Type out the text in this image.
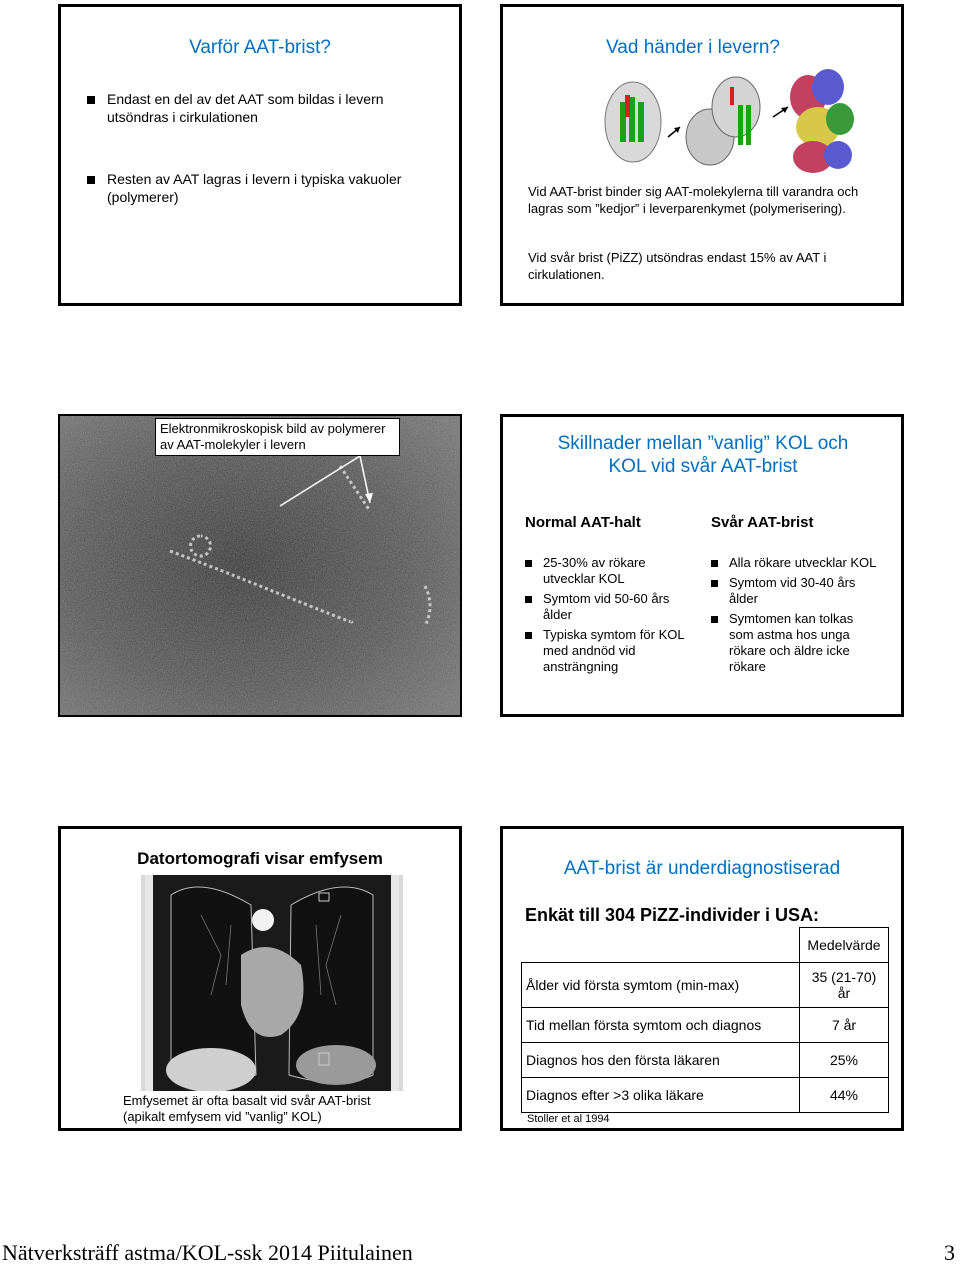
Varför AAT-brist?
Endast en del av det AAT som bildas i levern utsöndras i cirkulationen
Resten av AAT lagras i levern i typiska vakuoler (polymerer)
Vad händer i levern?
Vid AAT-brist binder sig AAT-molekylerna till varandra och lagras som ”kedjor” i leverparenkymet (polymerisering).
Vid svår brist (PiZZ) utsöndras endast 15% av AAT i cirkulationen.
Elektronmikroskopisk bild av polymerer av AAT-molekyler i levern	Skillnader mellan ”vanlig” KOL och KOL vid svår AAT-brist
Normal AAT-halt	Svår AAT-brist
25-30% av rökare utvecklar KOL
Symtom vid 50-60 års ålder
Typiska symtom för KOL med andnöd vid ansträngning
Alla rökare utvecklar KOL
Symtom vid 30-40 års ålder
Symtomen kan tolkas som astma hos unga rökare och äldre icke rökare
Datortomografi visar emfysem
Emfysemet är ofta basalt vid svår AAT-brist (apikalt emfysem vid ”vanlig” KOL)
AAT-brist är underdiagnostiserad
Enkät till 304 PiZZ-individer i USA:
	Medelvärde
Ålder vid första symtom (min-max)	35 (21-70) år
Tid mellan första symtom och diagnos	7 år
Diagnos hos den första läkaren	25%
Diagnos efter >3 olika läkare	44%
Stoller et al 1994
Nätverksträff astma/KOL-ssk 2014 Piitulainen	3
